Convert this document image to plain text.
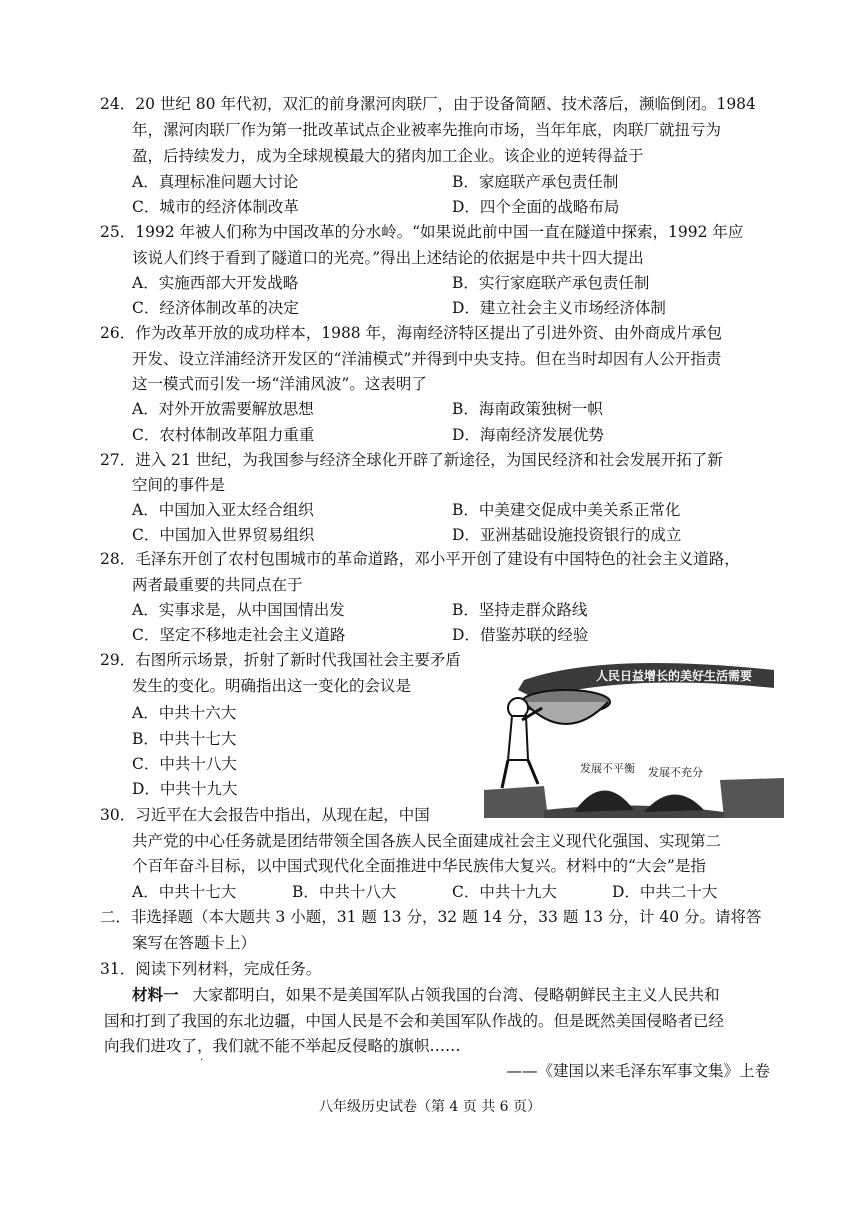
24．20 世纪 80 年代初，双汇的前身漯河肉联厂，由于设备简陋、技术落后，濒临倒闭。1984
年，漯河肉联厂作为第一批改革试点企业被率先推向市场，当年年底，肉联厂就扭亏为
盈，后持续发力，成为全球规模最大的猪肉加工企业。该企业的逆转得益于
A．真理标准问题大讨论	B．家庭联产承包责任制
C．城市的经济体制改革	D．四个全面的战略布局
25．1992 年被人们称为中国改革的分水岭。“如果说此前中国一直在隧道中探索，1992 年应
该说人们终于看到了隧道口的光亮。”得出上述结论的依据是中共十四大提出
A．实施西部大开发战略	B．实行家庭联产承包责任制
C．经济体制改革的决定	D．建立社会主义市场经济体制
26．作为改革开放的成功样本，1988 年，海南经济特区提出了引进外资、由外商成片承包
开发、设立洋浦经济开发区的“洋浦模式”并得到中央支持。但在当时却因有人公开指责
这一模式而引发一场“洋浦风波”。这表明了
A．对外开放需要解放思想	B．海南政策独树一帜
C．农村体制改革阻力重重	D．海南经济发展优势
27．进入 21 世纪，为我国参与经济全球化开辟了新途径，为国民经济和社会发展开拓了新
空间的事件是
A．中国加入亚太经合组织	B．中美建交促成中美关系正常化
C．中国加入世界贸易组织	D．亚洲基础设施投资银行的成立
28．毛泽东开创了农村包围城市的革命道路，邓小平开创了建设有中国特色的社会主义道路，
两者最重要的共同点在于
A．实事求是，从中国国情出发	B．坚持走群众路线
C．坚定不移地走社会主义道路	D．借鉴苏联的经验
29．右图所示场景，折射了新时代我国社会主要矛盾
发生的变化。明确指出这一变化的会议是
A．中共十六大
B．中共十七大
C．中共十八大
D．中共十九大
人民日益增长的美好生活需要
发展不平衡 发展不充分
30．习近平在大会报告中指出，从现在起，中国
共产党的中心任务就是团结带领全国各族人民全面建成社会主义现代化强国、实现第二
个百年奋斗目标，以中国式现代化全面推进中华民族伟大复兴。材料中的“大会”是指
A．中共十七大	B．中共十八大	C．中共十九大	D．中共二十大
二．非选择题（本大题共 3 小题，31 题 13 分，32 题 14 分，33 题 13 分，计 40 分。请将答
案写在答题卡上）
31．阅读下列材料，完成任务。
材料一 大家都明白，如果不是美国军队占领我国的台湾、侵略朝鲜民主主义人民共和
国和打到了我国的东北边疆，中国人民是不会和美国军队作战的。但是既然美国侵略者已经
向我们进攻了，我们就不能不举起反侵略的旗帜……
——《建国以来毛泽东军事文集》上卷
.
八年级历史试卷（第 4 页 共 6 页）
